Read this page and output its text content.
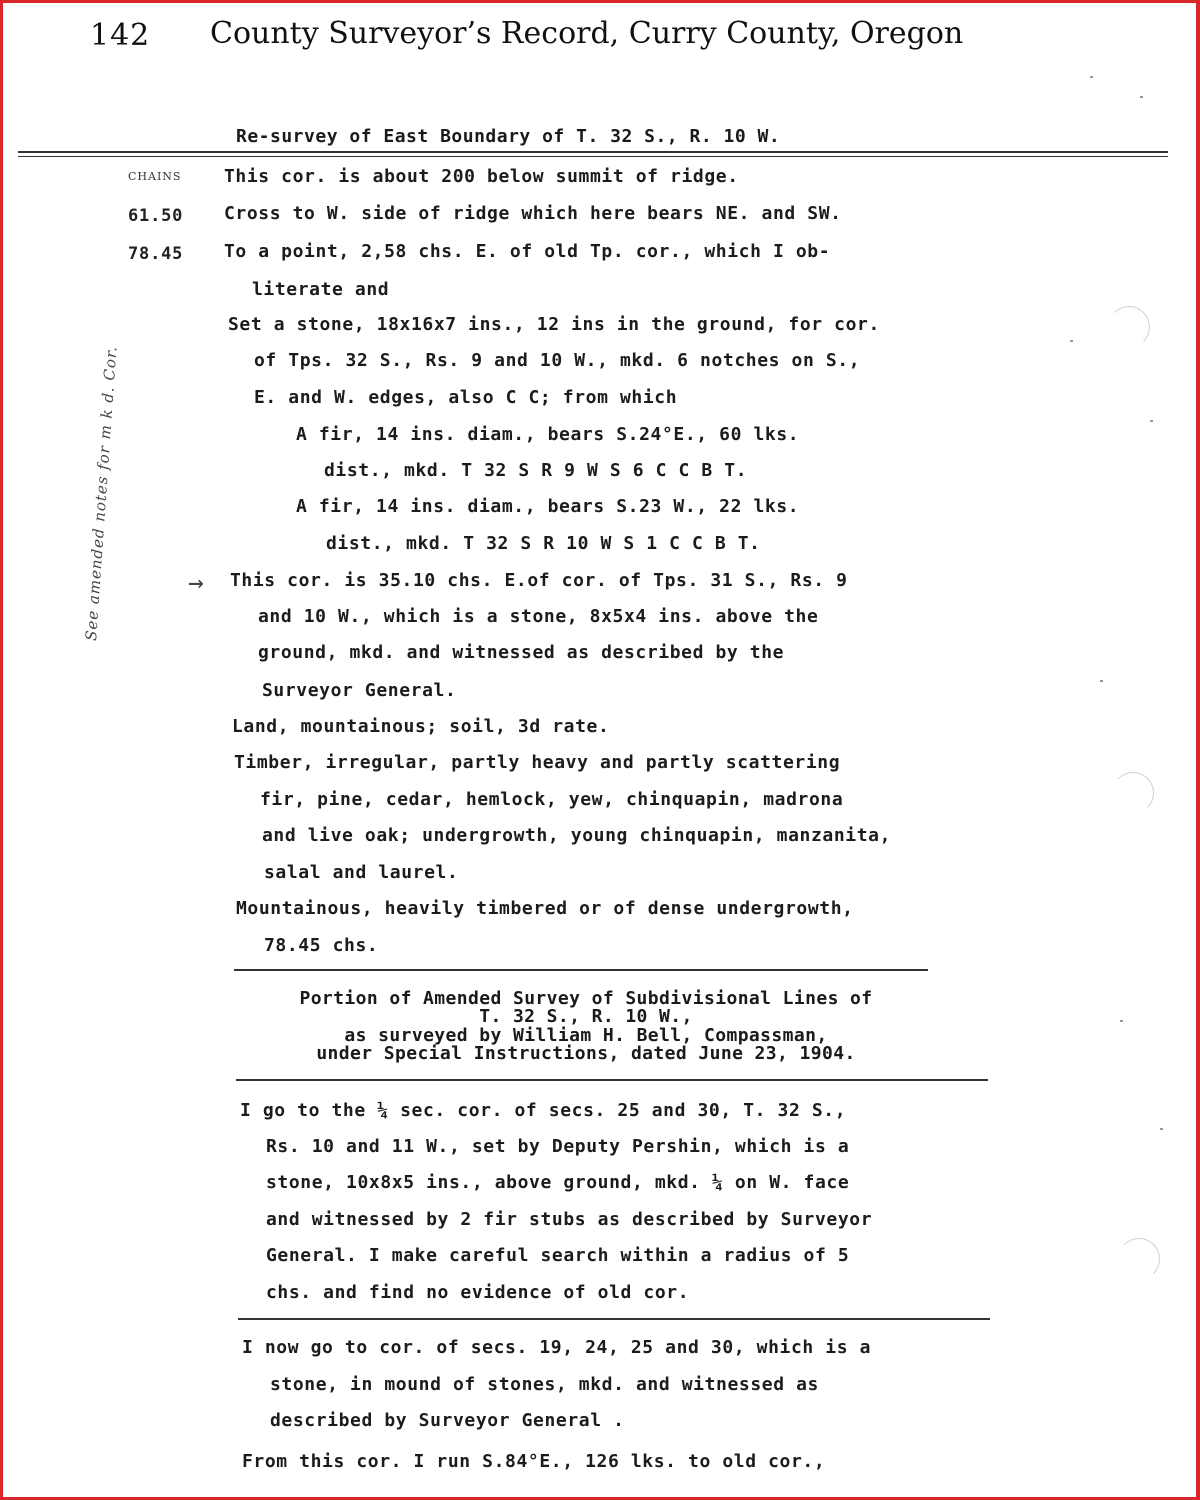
142 County Surveyor’s Record, Curry County, Oregon
Re-survey of East Boundary of T. 32 S., R. 10 W.
CHAINS
61.50
78.45
See amended notes for m k d. Cor.	→
This cor. is about 200 below summit of ridge.
Cross to W. side of ridge which here bears NE. and SW.
To a point, 2,58 chs. E. of old Tp. cor., which I ob-
literate and
Set a stone, 18x16x7 ins., 12 ins in the ground, for cor.
of Tps. 32 S., Rs. 9 and 10 W., mkd. 6 notches on S.,
E. and W. edges, also C C; from which
A fir, 14 ins. diam., bears S.24°E., 60 lks.
dist., mkd. T 32 S R 9 W S 6 C C B T.
A fir, 14 ins. diam., bears S.23 W., 22 lks.
dist., mkd. T 32 S R 10 W S 1 C C B T.
This cor. is 35.10 chs. E.of cor. of Tps. 31 S., Rs. 9
and 10 W., which is a stone, 8x5x4 ins. above the
ground, mkd. and witnessed as described by the
Surveyor General.
Land, mountainous; soil, 3d rate.
Timber, irregular, partly heavy and partly scattering
fir, pine, cedar, hemlock, yew, chinquapin, madrona
and live oak; undergrowth, young chinquapin, manzanita,
salal and laurel.
Mountainous, heavily timbered or of dense undergrowth,
78.45 chs.
Portion of Amended Survey of Subdivisional Lines of
T. 32 S., R. 10 W.,
as surveyed by William H. Bell, Compassman,
under Special Instructions, dated June 23, 1904.
I go to the ¼ sec. cor. of secs. 25 and 30, T. 32 S.,
Rs. 10 and 11 W., set by Deputy Pershin, which is a
stone, 10x8x5 ins., above ground, mkd. ¼ on W. face
and witnessed by 2 fir stubs as described by Surveyor
General. I make careful search within a radius of 5
chs. and find no evidence of old cor.
I now go to cor. of secs. 19, 24, 25 and 30, which is a
stone, in mound of stones, mkd. and witnessed as
described by Surveyor General .
From this cor. I run S.84°E., 126 lks. to old cor.,
